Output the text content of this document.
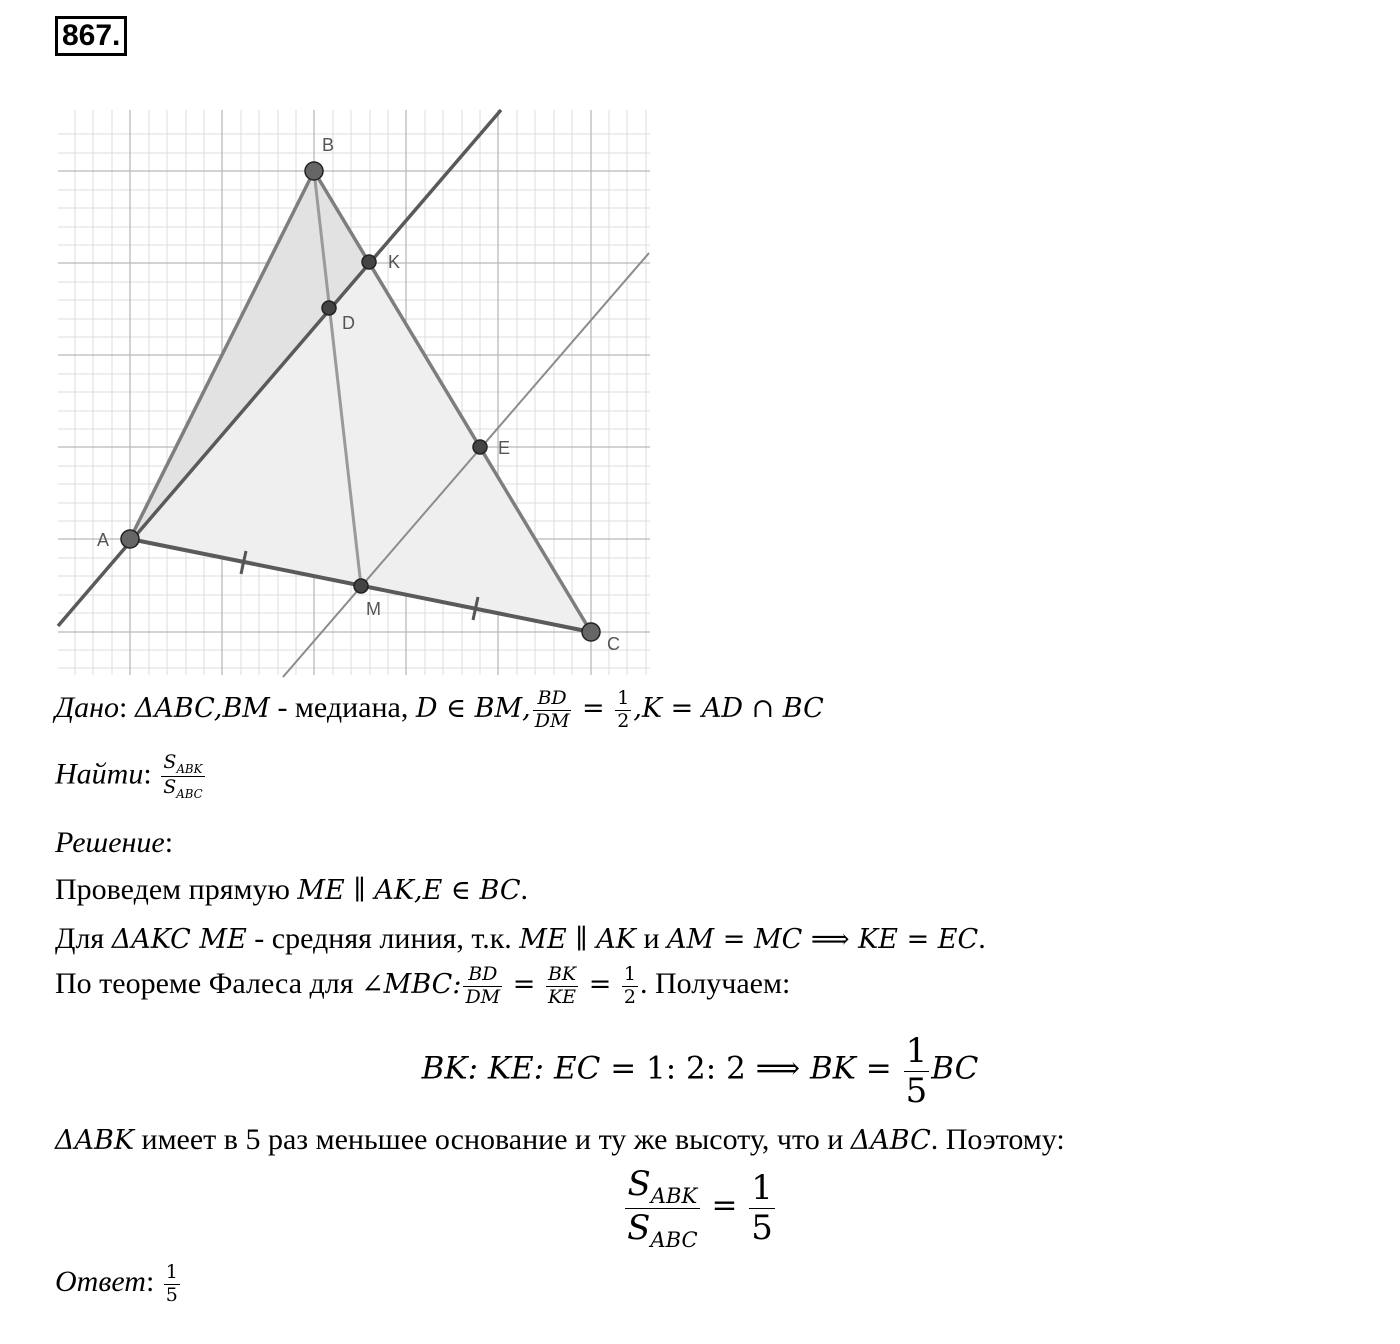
867.
A
B
C
K
D
E
M
Дано: ΔABC,BM - медиана, D ∈ BM, $\frac{BD}{DM} = \frac{1}{2} ,K$ = AD ∩ BC
Найти: $\frac{S_{ABK}}{S_{ABC}}$
Решение:
Проведем прямую ME ∥ AK,E ∈ BC.
Для ΔAKC ME - средняя линия, т.к. ME ∥ AK и AM = MC ⟹ KE = EC.
По теореме Фалеса для ∠MBC: $\frac{BD}{DM} = \frac{BK}{KE} = \frac{1}{2}$ . Получаем:
BK: KE: EC = 1: 2: 2 ⟹ BK = $\frac{1}{5}$ BC
ΔABK имеет в 5 раз меньшее основание и ту же высоту, что и ΔABC. Поэтому:
$\frac{S_{ABK}}{S_{ABC}} = \frac{1}{5}$
Ответ: $\frac{1}{5}$
